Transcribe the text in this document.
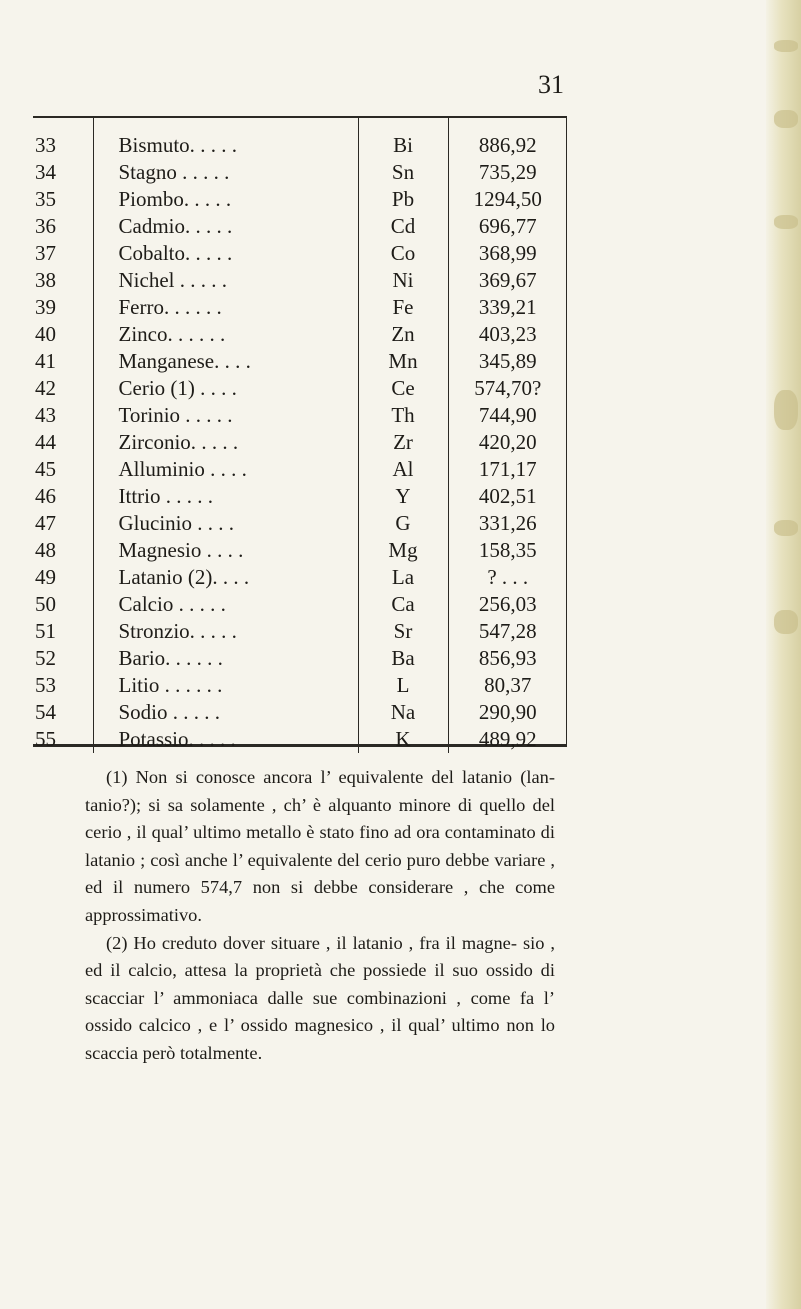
31
33	Bismuto. . . . .	Bi	886,92
34	Stagno . . . . .	Sn	735,29
35	Piombo. . . . .	Pb	1294,50
36	Cadmio. . . . .	Cd	696,77
37	Cobalto. . . . .	Co	368,99
38	Nichel . . . . .	Ni	369,67
39	Ferro. . . . . .	Fe	339,21
40	Zinco. . . . . .	Zn	403,23
41	Manganese. . . .	Mn	345,89
42	Cerio (1) . . . .	Ce	574,70?
43	Torinio . . . . .	Th	744,90
44	Zirconio. . . . .	Zr	420,20
45	Alluminio . . . .	Al	171,17
46	Ittrio . . . . .	Y	402,51
47	Glucinio . . . .	G	331,26
48	Magnesio . . . .	Mg	158,35
49	Latanio (2). . . .	La	? . . .
50	Calcio . . . . .	Ca	256,03
51	Stronzio. . . . .	Sr	547,28
52	Bario. . . . . .	Ba	856,93
53	Litio . . . . . .	L	80,37
54	Sodio . . . . .	Na	290,90
55	Potassio. . . . .	K	489,92

(1) Non si conosce ancora l’ equivalente del latanio (lan- tanio?); si sa solamente , ch’ è alquanto minore di quello del cerio , il qual’ ultimo metallo è stato fino ad ora contaminato di latanio ; così anche l’ equivalente del cerio puro debbe variare , ed il numero 574,7 non si debbe considerare , che come approssimativo.

(2) Ho creduto dover situare , il latanio , fra il magne- sio , ed il calcio, attesa la proprietà che possiede il suo ossido di scacciar l’ ammoniaca dalle sue combinazioni , come fa l’ ossido calcico , e l’ ossido magnesico , il qual’ ultimo non lo scaccia però totalmente.
